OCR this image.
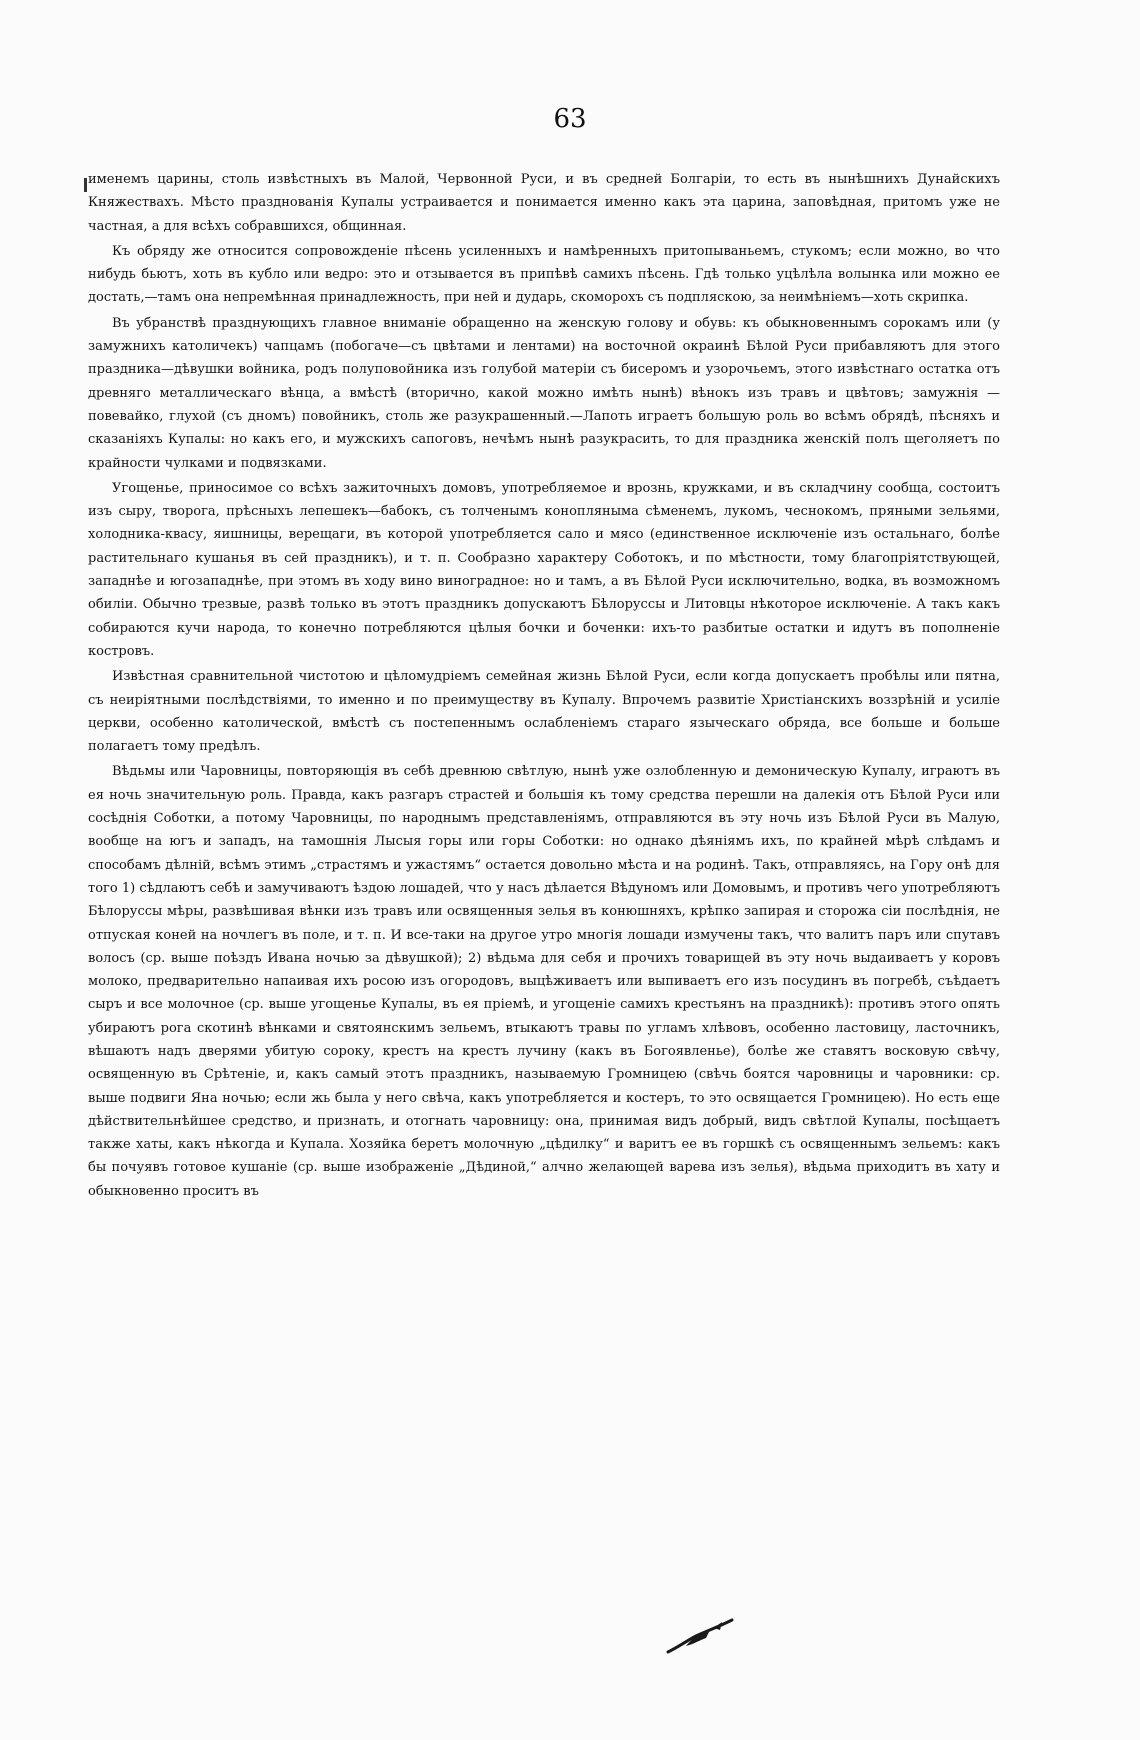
63

именемъ царины, столь извѣстныхъ въ Малой, Червонной Руси, и въ средней Болгаріи, то есть въ нынѣшнихъ Дунайскихъ Княжествахъ. Мѣсто празднованія Купалы устраивается и понимается именно какъ эта царина, заповѣдная, притомъ уже не частная, а для всѣхъ собравшихся, общинная.

Къ обряду же относится сопровожденіе пѣсень усиленныхъ и намѣренныхъ притопываньемъ, стукомъ; если можно, во что нибудь бьютъ, хоть въ кубло или ведро: это и отзывается въ припѣвѣ самихъ пѣсень. Гдѣ только уцѣлѣла волынка или можно ее достать,—тамъ она непремѣнная принадлежность, при ней и дударь, скоморохъ съ подпляскою, за неимѣніемъ—хоть скрипка.

Въ убранствѣ празднующихъ главное вниманіе обращенно на женскую голову и обувь: къ обыкновеннымъ сорокамъ или (у замужнихъ католичекъ) чапцамъ (побогаче—съ цвѣтами и лентами) на восточной окраинѣ Бѣлой Руси прибавляютъ для этого праздника—дѣвушки войника, родъ полуповойника изъ голубой матеріи съ бисеромъ и узорочьемъ, этого извѣстнаго остатка отъ древняго металлическаго вѣнца, а вмѣстѣ (вторично, какой можно имѣть нынѣ) вѣнокъ изъ травъ и цвѣтовъ; замужнія — повевайко, глухой (съ дномъ) повойникъ, столь же разукрашенный.—Лапоть играетъ большую роль во всѣмъ обрядѣ, пѣсняхъ и сказаніяхъ Купалы: но какъ его, и мужскихъ сапоговъ, нечѣмъ нынѣ разукрасить, то для праздника женскій полъ щеголяетъ по крайности чулками и подвязками.

Угощенье, приносимое со всѣхъ зажиточныхъ домовъ, употребляемое и врознь, кружками, и въ складчину сообща, состоитъ изъ сыру, творога, прѣсныхъ лепешекъ—бабокъ, съ толченымъ конопляныма сѣменемъ, лукомъ, чеснокомъ, пряными зельями, холодника-квасу, яишницы, верещаги, въ которой употребляется сало и мясо (единственное исключеніе изъ остальнаго, болѣе растительнаго кушанья въ сей праздникъ), и т. п. Сообразно характеру Соботокъ, и по мѣстности, тому благопріятствующей, западнѣе и югозападнѣе, при этомъ въ ходу вино виноградное: но и тамъ, а въ Бѣлой Руси исключительно, водка, въ возможномъ обиліи. Обычно трезвые, развѣ только въ этотъ праздникъ допускаютъ Бѣлоруссы и Литовцы нѣкоторое исключеніе. А такъ какъ собираются кучи народа, то конечно потребляются цѣлыя бочки и боченки: ихъ-то разбитые остатки и идутъ въ пополненіе костровъ.

Извѣстная сравнительной чистотою и цѣломудріемъ семейная жизнь Бѣлой Руси, если когда допускаетъ пробѣлы или пятна, съ неиріятными послѣдствіями, то именно и по преимуществу въ Купалу. Впрочемъ развитіе Христіанскихъ воззрѣній и усиліе церкви, особенно католической, вмѣстѣ съ постепеннымъ ослабленіемъ стараго языческаго обряда, все больше и больше полагаетъ тому предѣлъ.

Вѣдьмы или Чаровницы, повторяющія въ себѣ древнюю свѣтлую, нынѣ уже озлобленную и демоническую Купалу, играютъ въ ея ночь значительную роль. Правда, какъ разгаръ страстей и большія къ тому средства перешли на далекія отъ Бѣлой Руси или сосѣднія Соботки, а потому Чаровницы, по народнымъ представленіямъ, отправляются въ эту ночь изъ Бѣлой Руси въ Малую, вообще на югъ и западъ, на тамошнія Лысыя горы или горы Соботки: но однако дѣяніямъ ихъ, по крайней мѣрѣ слѣдамъ и способамъ дѣлній, всѣмъ этимъ „страстямъ и ужастямъ“ остается довольно мѣста и на родинѣ. Такъ, отправляясь, на Гору онѣ для того 1) сѣдлаютъ себѣ и замучиваютъ ѣздою лошадей, что у насъ дѣлается Вѣдуномъ или Домовымъ, и противъ чего употребляютъ Бѣлоруссы мѣры, развѣшивая вѣнки изъ травъ или освященныя зелья въ конюшняхъ, крѣпко запирая и сторожа сіи послѣднія, не отпуская коней на ночлегъ въ поле, и т. п. И все-таки на другое утро многія лошади измучены такъ, что валитъ паръ или спутавъ волосъ (ср. выше поѣздъ Ивана ночью за дѣвушкой); 2) вѣдьма для себя и прочихъ товарищей въ эту ночь выдаиваетъ у коровъ молоко, предварительно напаивая ихъ росою изъ огородовъ, выцѣживаетъ или выпиваетъ его изъ посудинъ въ погребѣ, съѣдаетъ сыръ и все молочное (ср. выше угощенье Купалы, въ ея пріемѣ, и угощеніе самихъ крестьянъ на праздникѣ): противъ этого опять убираютъ рога скотинѣ вѣнками и святоянскимъ зельемъ, втыкаютъ травы по угламъ хлѣвовъ, особенно ластовицу, ласточникъ, вѣшаютъ надъ дверями убитую сороку, крестъ на крестъ лучину (какъ въ Богоявленье), болѣе же ставятъ восковую свѣчу, освященную въ Срѣтеніе, и, какъ самый этотъ праздникъ, называемую Громницею (свѣчь боятся чаровницы и чаровники: ср. выше подвиги Яна ночью; если жь была у него свѣча, какъ употребляется и костеръ, то это освящается Громницею). Но есть еще дѣйствительнѣйшее средство, и признать, и отогнать чаровницу: она, принимая видъ добрый, видъ свѣтлой Купалы, посѣщаетъ также хаты, какъ нѣкогда и Купала. Хозяйка беретъ молочную „цѣдилку“ и варитъ ее въ горшкѣ съ освященнымъ зельемъ: какъ бы почуявъ готовое кушаніе (ср. выше изображеніе „Дѣдиной,“ алчно желающей варева изъ зелья), вѣдьма приходитъ въ хату и обыкновенно проситъ въ
